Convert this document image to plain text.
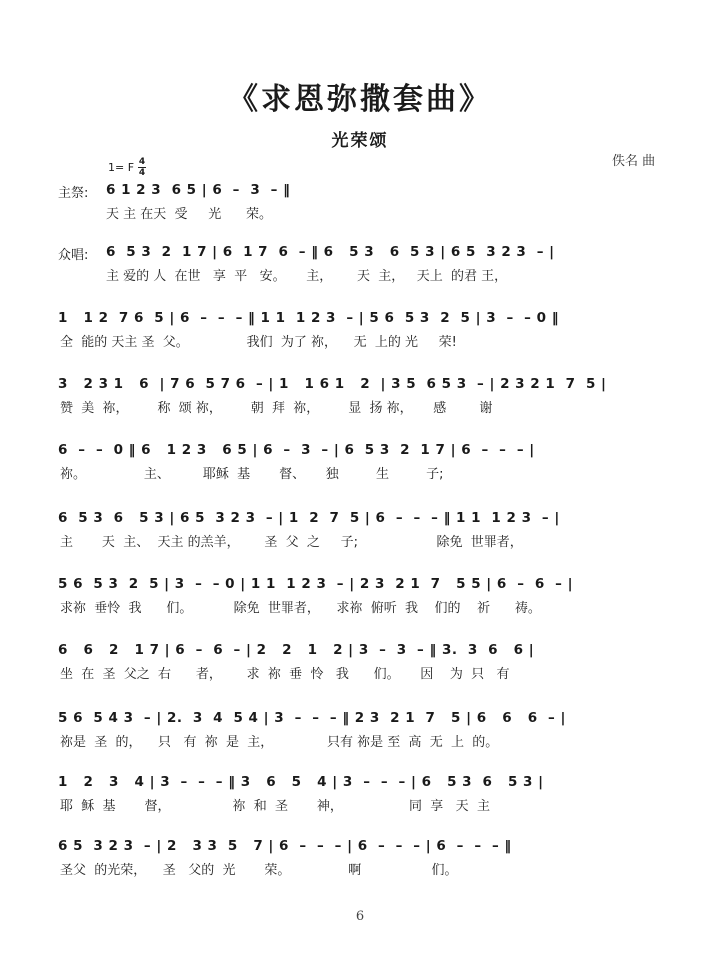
《求恩弥撒套曲》
光荣颂
1= F 4
4
佚名 曲
主祭: 6 1 2 3  6 5 | 6  –  3  – ‖
天 主 在天  受     光      荣。
众唱: 6  5 3  2  1 7 | 6  1 7  6  – ‖ 6   5 3   6  5 3 | 6 5  3 2 3  – |
主 爱的 人  在世   享  平   安。     主，      天  主，   天上  的君 王，
1   1 2  7 6  5 | 6  –  –  – ‖ 1 1  1 2 3  – | 5 6  5 3  2  5 | 3  –  – 0 ‖
全  能的 天主 圣  父。              我们  为了 祢，    无  上的 光     荣!
3   2 3 1   6  | 7 6  5 7 6  – | 1   1 6 1   2  | 3 5  6 5 3  – | 2 3 2 1  7  5 |
赞  美  祢，       称  颂 祢，       朝  拜  祢，       显  扬 祢，     感        谢
6  –  –  0 ‖ 6   1 2 3   6 5 | 6  –  3  – | 6  5 3  2  1 7 | 6  –  –  – |
祢。              主、        耶稣  基       督、     独         生         子;
6  5 3  6   5 3 | 6 5  3 2 3  – | 1  2  7  5 | 6  –  –  – ‖ 1 1  1 2 3  – |
主       天  主、  天主 的羔羊，      圣  父  之     子;                   除免  世罪者，
5 6  5 3  2  5 | 3  –  – 0 | 1 1  1 2 3  – | 2 3  2 1  7   5 5 | 6  –  6  – |
求祢  垂怜  我      们。          除免  世罪者，    求祢  俯听  我    们的    祈      祷。
6   6   2   1 7 | 6  –  6  – | 2   2   1   2 | 3  –  3  – ‖ 3.  3  6   6 |
坐  在  圣  父之  右      者，      求  祢  垂  怜   我      们。     因    为  只   有
5 6  5 4 3  – | 2.  3  4  5 4 | 3  –  –  – ‖ 2 3  2 1  7   5 | 6   6   6  – |
祢是  圣  的，    只   有  祢  是  主，             只有 祢是 至  高  无  上  的。
1   2   3   4 | 3  –  –  – ‖ 3   6   5   4 | 3  –  –  – | 6   5 3  6   5 3 |
耶  稣  基       督，               祢  和  圣       神，                同  享   天  主
6 5  3 2 3  – | 2   3 3  5   7 | 6  –  –  – | 6  –  –  – | 6  –  –  – ‖
圣父  的光荣，    圣   父的  光       荣。              啊                 们。
6
